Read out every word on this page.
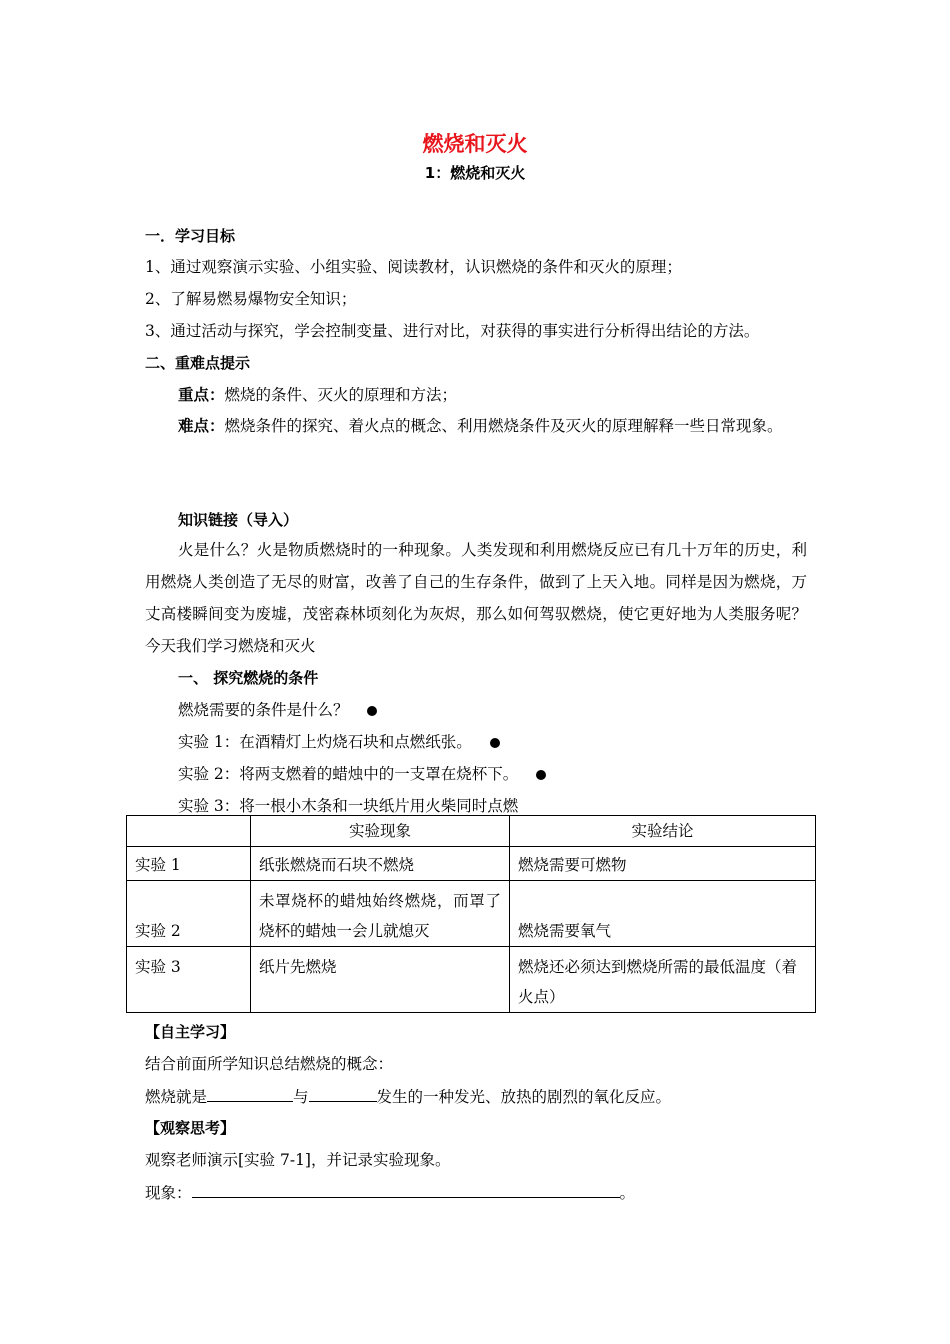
燃烧和灭火
1：燃烧和灭火
一．学习目标
1、通过观察演示实验、小组实验、阅读教材，认识燃烧的条件和灭火的原理；
2、了解易燃易爆物安全知识；
3、通过活动与探究，学会控制变量、进行对比，对获得的事实进行分析得出结论的方法。
二、重难点提示
重点：燃烧的条件、灭火的原理和方法；
难点：燃烧条件的探究、着火点的概念、利用燃烧条件及灭火的原理解释一些日常现象。
知识链接（导入）
火是什么？火是物质燃烧时的一种现象。人类发现和利用燃烧反应已有几十万年的历史，利用燃烧人类创造了无尽的财富，改善了自己的生存条件，做到了上天入地。同样是因为燃烧，万丈高楼瞬间变为废墟，茂密森林顷刻化为灰烬，那么如何驾驭燃烧，使它更好地为人类服务呢？今天我们学习燃烧和灭火
一、 探究燃烧的条件
燃烧需要的条件是什么？
实验 1：在酒精灯上灼烧石块和点燃纸张。
实验 2：将两支燃着的蜡烛中的一支罩在烧杯下。
实验 3：将一根小木条和一块纸片用火柴同时点燃
	实验现象	实验结论
实验 1	纸张燃烧而石块不燃烧	燃烧需要可燃物
实验 2	未罩烧杯的蜡烛始终燃烧，而罩了烧杯的蜡烛一会儿就熄灭	燃烧需要氧气
实验 3	纸片先燃烧	燃烧还必须达到燃烧所需的最低温度（着火点）
【自主学习】
结合前面所学知识总结燃烧的概念：
燃烧就是	与	发生的一种发光、放热的剧烈的氧化反应。
【观察思考】
观察老师演示[实验 7-1]，并记录实验现象。
现象：	。
